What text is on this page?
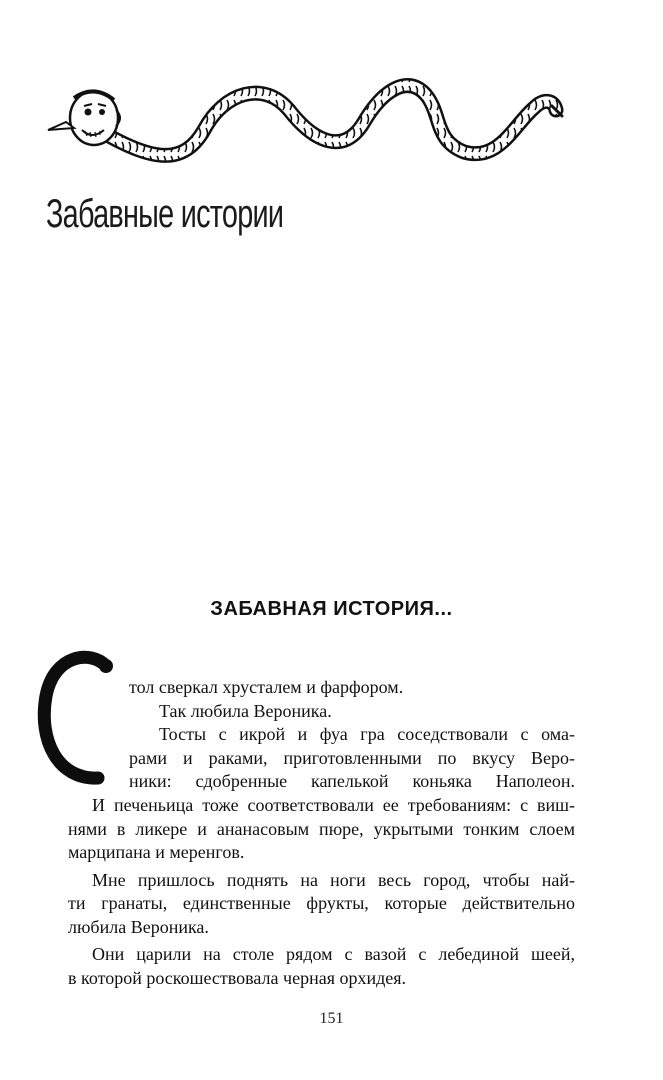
Забавные истории
ЗАБАВНАЯ ИСТОРИЯ...
С
тол сверкал хрусталем и фарфором.
Так любила Вероника.
Тосты с икрой и фуа гра соседствовали с ома-
рами и раками, приготовленными по вкусу Веро-
ники: сдобренные капелькой коньяка Наполеон.
И печеньица тоже соответствовали ее требованиям: с виш-
нями в ликере и ананасовым пюре, укрытыми тонким слоем
марципана и меренгов.
Мне пришлось поднять на ноги весь город, чтобы най-
ти гранаты, единственные фрукты, которые действительно
любила Вероника.
Они царили на столе рядом с вазой с лебединой шеей,
в которой роскошествовала черная орхидея.
151
